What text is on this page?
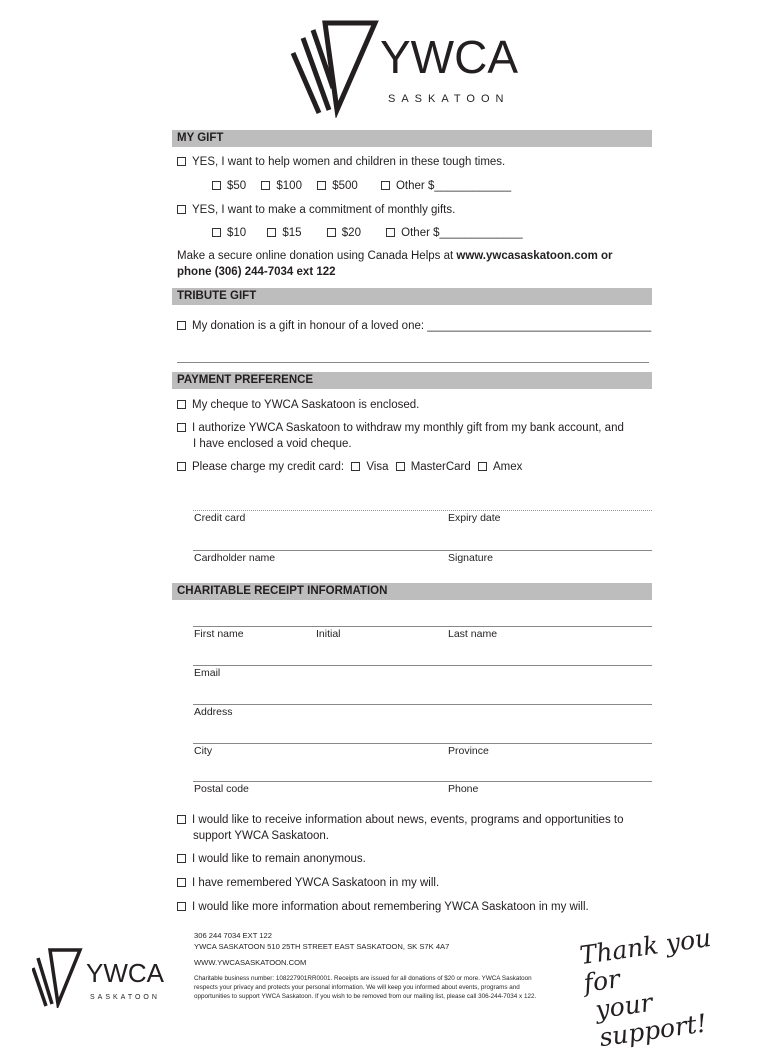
YWCA
SASKATOON
MY GIFT
YES, I want to help women and children in these tough times.
$50	$100	$500	Other $____________
YES, I want to make a commitment of monthly gifts.
$10	$15	$20	Other $_____________
Make a secure online donation using Canada Helps at www.ywcasaskatoon.com or
phone (306) 244-7034 ext 122
TRIBUTE GIFT
My donation is a gift in honour of a loved one: ___________________________________
PAYMENT PREFERENCE
My cheque to YWCA Saskatoon is enclosed.
I authorize YWCA Saskatoon to withdraw my monthly gift from my bank account, and
I have enclosed a void cheque.
Please charge my credit card: Visa MasterCard Amex
Credit card	Expiry date
Cardholder name	Signature
CHARITABLE RECEIPT INFORMATION
First name	Initial	Last name
Email
Address
City	Province
Postal code	Phone
I would like to receive information about news, events, programs and opportunities to
support YWCA Saskatoon.
I would like to remain anonymous.
I have remembered YWCA Saskatoon in my will.
I would like more information about remembering YWCA Saskatoon in my will.
YWCA
SASKATOON
306 244 7034 EXT 122
YWCA SASKATOON 510 25TH STREET EAST SASKATOON, SK S7K 4A7
WWW.YWCASASKATOON.COM
Charitable business number: 108227901RR0001. Receipts are issued for all donations of $20 or more. YWCA Saskatoon
respects your privacy and protects your personal information. We will keep you informed about events, programs and
opportunities to support YWCA Saskatoon. If you wish to be removed from our mailing list, please call 306-244-7034 x 122.
Thank you for
your support!
